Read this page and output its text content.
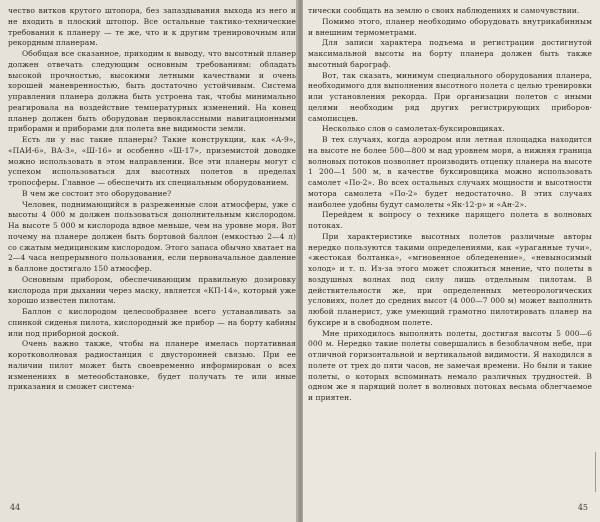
чество витков крутого штопора, без запаздывания выхода из него и не входить в плоский штопор. Все остальные тактико-технические требования к планеру — те же, что и к другим тренировочным или рекордным планерам.

Обобщая все сказанное, приходим к выводу, что высотный планер должен отвечать следующим основным требованиям: обладать высокой прочностью, высокими летными качествами и очень хорошей маневренностью, быть достаточно устойчивым. Система управления планера должна быть устроена так, чтобы минимально реагировала на воздействие температурных изменений. На конец планер должен быть оборудован первоклассными навигационными приборами и приборами для полета вне видимости земли.

Есть ли у нас такие планеры? Такие конструкции, как «А-9», «ПАИ-6», ВА-3», «Ш-16» и особенно «Ш-17», приземистой доводке можно использовать в этом направлении. Все эти планеры могут с успехом использоваться для высотных полетов в пределах тропосферы. Главное — обеспечить их специальным оборудованием.

В чем же состоит это оборудование?

Человек, поднимающийся в разреженные слои атмосферы, уже с высоты 4 000 м должен пользоваться дополнительным кислородом. На высоте 5 000 м кислорода вдвое меньше, чем на уровне моря. Вот почему на планере должен быть бортовой баллон (емкостью 2—4 л) со сжатым медицинским кислородом. Этого запаса обычно хватает на 2—4 часа непрерывного пользования, если первоначальное давление в баллоне достигало 150 атмосфер.

Основным прибором, обеспечивающим правильную дозировку кислорода при дыхании через маску, является «КП-14», который уже хорошо известен пилотам.

Баллон с кислородом целесообразнее всего устанавливать за спинкой сиденья пилота, кислородный же прибор — на борту кабины или под приборной доской.

Очень важно также, чтобы на планере имелась портативная коротковолновая радиостанция с двусторонней связью. При ее наличии пилот может быть своевременно информирован о всех изменениях в метеообстановке, будет получать те или иные приказания и сможет система-

44

тически сообщать на землю о своих наблюдениях и самочувствии.

Помимо этого, планер необходимо оборудовать внутрикабинным и внешним термометрами.

Для записи характера подъема и регистрации достигнутой максимальной высоты на борту планера должен быть также высотный барограф.

Вот, так сказать, минимум специального оборудования планера, необходимого для выполнения высотного полета с целью тренировки или установления рекорда. При организации полетов с иными целями необходим ряд других регистрирующих приборов-самописцев.

Несколько слов о самолетах-буксировщиках.

В тех случаях, когда аэродром или летная площадка находится на высоте не более 500—800 м над уровнем моря, а нижняя граница волновых потоков позволяет производить отцепку планера на высоте 1 200—1 500 м, в качестве буксировщика можно использовать самолет «По-2». Во всех остальных случаях мощности и высотности мотора самолета «По-2» будет недостаточно. В этих случаях наиболее удобны будут самолеты «Як-12-р» и «Ан-2».

Перейдем к вопросу о технике парящего полета в волновых потоках.

При характеристике высотных полетов различные авторы нередко пользуются такими определениями, как «ураганные тучи», «жестокая болтанка», «мгновенное обледенение», «невыносимый холод» и т. п. Из-за этого может сложиться мнение, что полеты в воздушных волнах под силу лишь отдельным пилотам. В действительности же, при определенных метеорологических условиях, полет до средних высот (4 000—7 000 м) может выполнить любой планерист, уже умеющий грамотно пилотировать планер на буксире и в свободном полете.

Мне приходилось выполнять полеты, достигая высоты 5 000—6 000 м. Нередко такие полеты совершались в безоблачном небе, при отличной горизонтальной и вертикальной видимости. Я находился в полете от трех до пяти часов, не замечая времени. Но были и такие полеты, о которых вспоминать немало различных трудностей. В одном же я парящий полет в волновых потоках весьма облегчаемое и приятен.

45
